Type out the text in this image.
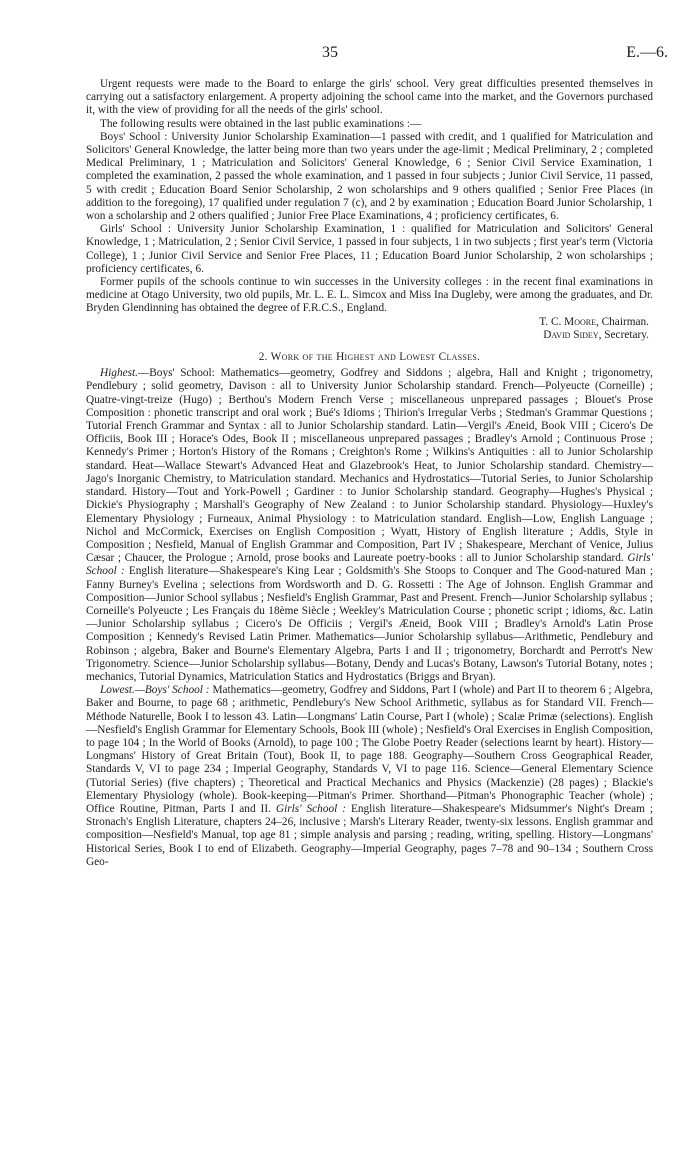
35	E.—6.

Urgent requests were made to the Board to enlarge the girls' school. Very great difficulties presented themselves in carrying out a satisfactory enlargement. A property adjoining the school came into the market, and the Governors purchased it, with the view of providing for all the needs of the girls' school.

The following results were obtained in the last public examinations :—

Boys' School : University Junior Scholarship Examination—1 passed with credit, and 1 qualified for Matriculation and Solicitors' General Knowledge, the latter being more than two years under the age-limit ; Medical Preliminary, 2 ; completed Medical Preliminary, 1 ; Matriculation and Solicitors' General Knowledge, 6 ; Senior Civil Service Examination, 1 completed the examination, 2 passed the whole examination, and 1 passed in four subjects ; Junior Civil Service, 11 passed, 5 with credit ; Education Board Senior Scholarship, 2 won scholarships and 9 others qualified ; Senior Free Places (in addition to the foregoing), 17 qualified under regulation 7 (c), and 2 by examination ; Education Board Junior Scholarship, 1 won a scholarship and 2 others qualified ; Junior Free Place Examinations, 4 ; proficiency certificates, 6.

Girls' School : University Junior Scholarship Examination, 1 : qualified for Matriculation and Solicitors' General Knowledge, 1 ; Matriculation, 2 ; Senior Civil Service, 1 passed in four subjects, 1 in two subjects ; first year's term (Victoria College), 1 ; Junior Civil Service and Senior Free Places, 11 ; Education Board Junior Scholarship, 2 won scholarships ; proficiency certificates, 6.

Former pupils of the schools continue to win successes in the University colleges : in the recent final examinations in medicine at Otago University, two old pupils, Mr. L. E. L. Simcox and Miss Ina Dugleby, were among the graduates, and Dr. Bryden Glendinning has obtained the degree of F.R.C.S., England.

T. C. Moore, Chairman.

David Sidey, Secretary.

2. Work of the Highest and Lowest Classes.

Highest.—Boys' School: Mathematics—geometry, Godfrey and Siddons ; algebra, Hall and Knight ; trigonometry, Pendlebury ; solid geometry, Davison : all to University Junior Scholarship standard. French—Polyeucte (Corneille) ; Quatre-vingt-treize (Hugo) ; Berthou's Modern French Verse ; miscellaneous unprepared passages ; Blouet's Prose Composition : phonetic transcript and oral work ; Bué's Idioms ; Thirion's Irregular Verbs ; Stedman's Grammar Questions ; Tutorial French Grammar and Syntax : all to Junior Scholarship standard. Latin—Vergil's Æneid, Book VIII ; Cicero's De Officiis, Book III ; Horace's Odes, Book II ; miscellaneous unprepared passages ; Bradley's Arnold ; Continuous Prose ; Kennedy's Primer ; Horton's History of the Romans ; Creighton's Rome ; Wilkins's Antiquities : all to Junior Scholarship standard. Heat—Wallace Stewart's Advanced Heat and Glazebrook's Heat, to Junior Scholarship standard. Chemistry—Jago's Inorganic Chemistry, to Matriculation standard. Mechanics and Hydrostatics—Tutorial Series, to Junior Scholarship standard. History—Tout and York-Powell ; Gardiner : to Junior Scholarship standard. Geography—Hughes's Physical ; Dickie's Physiography ; Marshall's Geography of New Zealand : to Junior Scholarship standard. Physiology—Huxley's Elementary Physiology ; Furneaux, Animal Physiology : to Matriculation standard. English—Low, English Language ; Nichol and McCormick, Exercises on English Composition ; Wyatt, History of English literature ; Addis, Style in Composition ; Nesfield, Manual of English Grammar and Composition, Part IV ; Shakespeare, Merchant of Venice, Julius Cæsar ; Chaucer, the Prologue ; Arnold, prose books and Laureate poetry-books : all to Junior Scholarship standard. Girls' School : English literature—Shakespeare's King Lear ; Goldsmith's She Stoops to Conquer and The Good-natured Man ; Fanny Burney's Evelina ; selections from Wordsworth and D. G. Rossetti : The Age of Johnson. English Grammar and Composition—Junior School syllabus ; Nesfield's English Grammar, Past and Present. French—Junior Scholarship syllabus ; Corneille's Polyeucte ; Les Français du 18ème Siècle ; Weekley's Matriculation Course ; phonetic script ; idioms, &c. Latin—Junior Scholarship syllabus ; Cicero's De Officiis ; Vergil's Æneid, Book VIII ; Bradley's Arnold's Latin Prose Composition ; Kennedy's Revised Latin Primer. Mathematics—Junior Scholarship syllabus—Arithmetic, Pendlebury and Robinson ; algebra, Baker and Bourne's Elementary Algebra, Parts I and II ; trigonometry, Borchardt and Perrott's New Trigonometry. Science—Junior Scholarship syllabus—Botany, Dendy and Lucas's Botany, Lawson's Tutorial Botany, notes ; mechanics, Tutorial Dynamics, Matriculation Statics and Hydrostatics (Briggs and Bryan).

Lowest.—Boys' School : Mathematics—geometry, Godfrey and Siddons, Part I (whole) and Part II to theorem 6 ; Algebra, Baker and Bourne, to page 68 ; arithmetic, Pendlebury's New School Arithmetic, syllabus as for Standard VII. French—Méthode Naturelle, Book I to lesson 43. Latin—Longmans' Latin Course, Part I (whole) ; Scalæ Primæ (selections). English—Nesfield's English Grammar for Elementary Schools, Book III (whole) ; Nesfield's Oral Exercises in English Composition, to page 104 ; In the World of Books (Arnold), to page 100 ; The Globe Poetry Reader (selections learnt by heart). History—Longmans' History of Great Britain (Tout), Book II, to page 188. Geography—Southern Cross Geographical Reader, Standards V, VI to page 234 ; Imperial Geography, Standards V, VI to page 116. Science—General Elementary Science (Tutorial Series) (five chapters) ; Theoretical and Practical Mechanics and Physics (Mackenzie) (28 pages) ; Blackie's Elementary Physiology (whole). Book-keeping—Pitman's Primer. Shorthand—Pitman's Phonographic Teacher (whole) ; Office Routine, Pitman, Parts I and II. Girls' School : English literature—Shakespeare's Midsummer's Night's Dream ; Stronach's English Literature, chapters 24–26, inclusive ; Marsh's Literary Reader, twenty-six lessons. English grammar and composition—Nesfield's Manual, top age 81 ; simple analysis and parsing ; reading, writing, spelling. History—Longmans' Historical Series, Book I to end of Elizabeth. Geography—Imperial Geography, pages 7–78 and 90–134 ; Southern Cross Geo-
